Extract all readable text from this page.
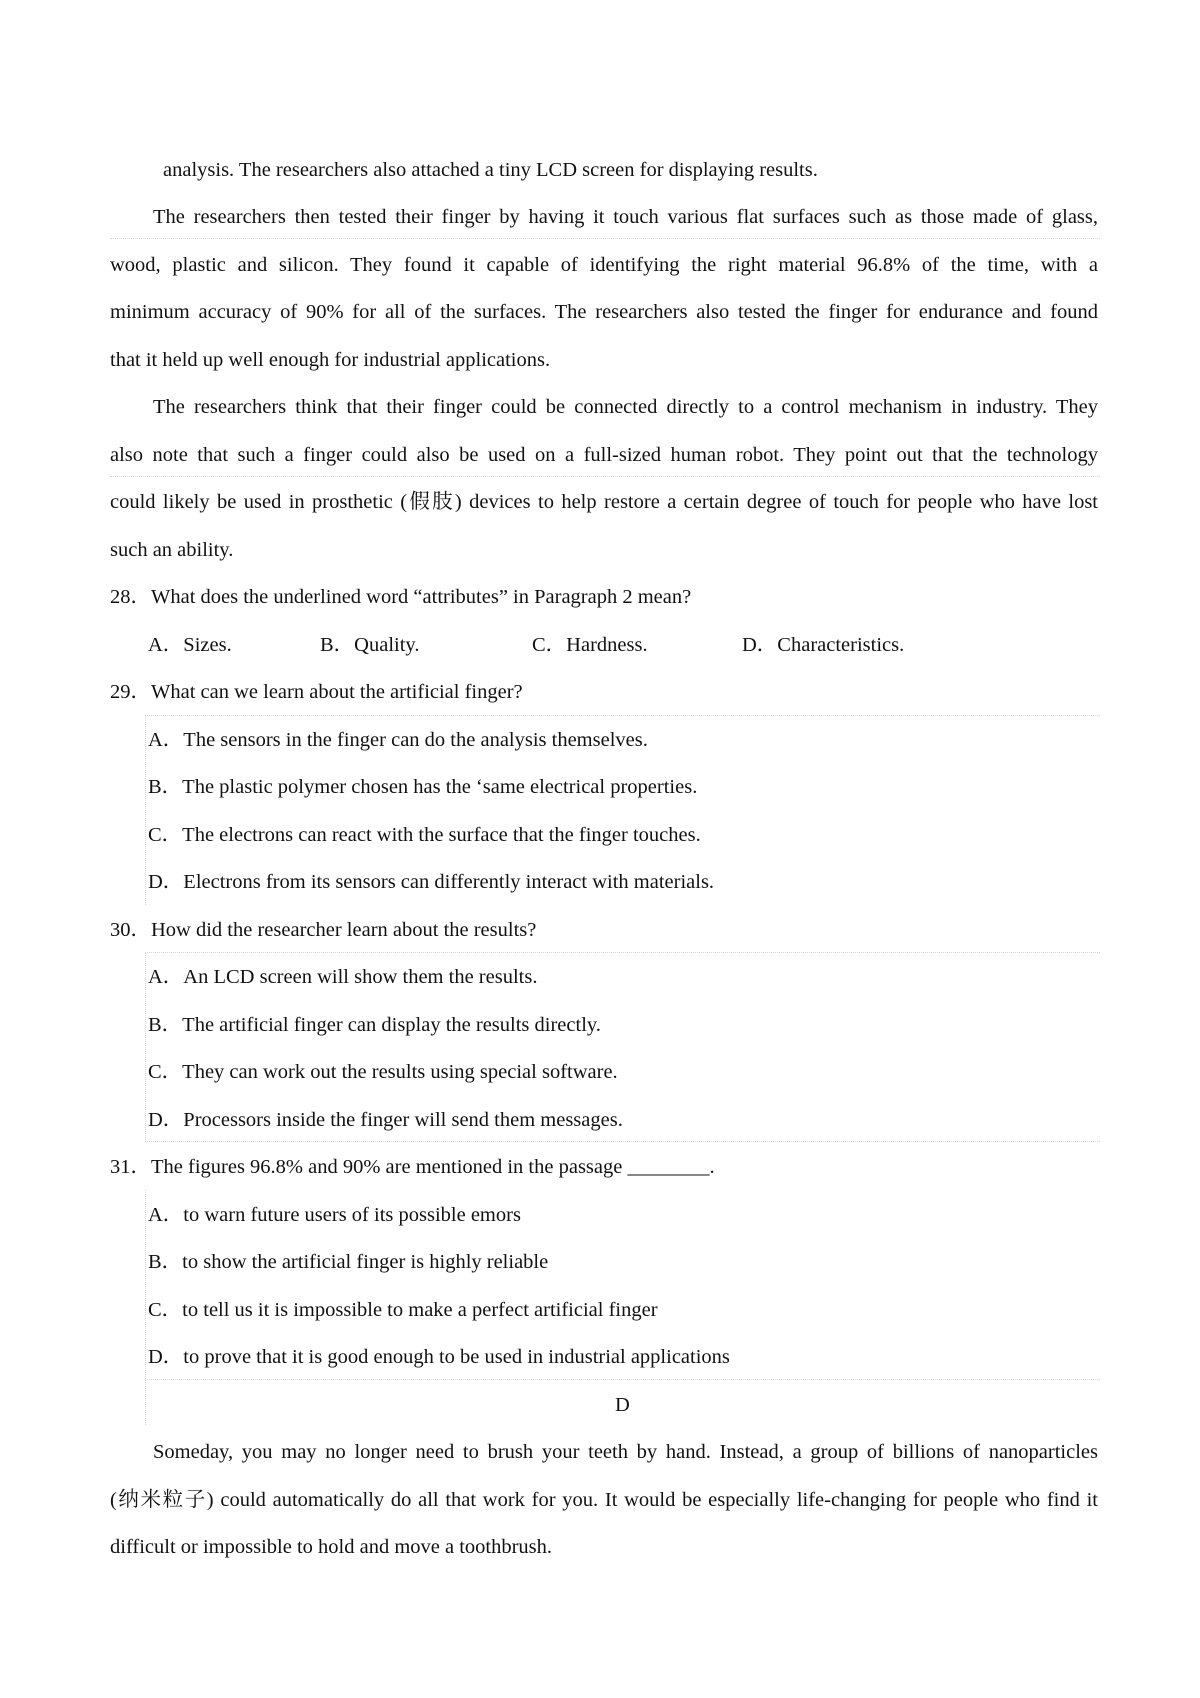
analysis. The researchers also attached a tiny LCD screen for displaying results.
The researchers then tested their finger by having it touch various flat surfaces such as those made of glass,
wood, plastic and silicon. They found it capable of identifying the right material 96.8% of the time, with a
minimum accuracy of 90% for all of the surfaces. The researchers also tested the finger for endurance and found
that it held up well enough for industrial applications.
The researchers think that their finger could be connected directly to a control mechanism in industry. They
also note that such a finger could also be used on a full-sized human robot. They point out that the technology
could likely be used in prosthetic (假肢) devices to help restore a certain degree of touch for people who have lost
such an ability.
28．What does the underlined word “attributes” in Paragraph 2 mean?
A．Sizes.	B．Quality.	C．Hardness.	D．Characteristics.
29．What can we learn about the artificial finger?
A．The sensors in the finger can do the analysis themselves.
B．The plastic polymer chosen has the ‘same electrical properties.
C．The electrons can react with the surface that the finger touches.
D．Electrons from its sensors can differently interact with materials.
30．How did the researcher learn about the results?
A．An LCD screen will show them the results.
B．The artificial finger can display the results directly.
C．They can work out the results using special software.
D．Processors inside the finger will send them messages.
31．The figures 96.8% and 90% are mentioned in the passage ________.
A．to warn future users of its possible emors
B．to show the artificial finger is highly reliable
C．to tell us it is impossible to make a perfect artificial finger
D．to prove that it is good enough to be used in industrial applications
D
Someday, you may no longer need to brush your teeth by hand. Instead, a group of billions of nanoparticles
(纳米粒子) could automatically do all that work for you. It would be especially life-changing for people who find it
difficult or impossible to hold and move a toothbrush.
